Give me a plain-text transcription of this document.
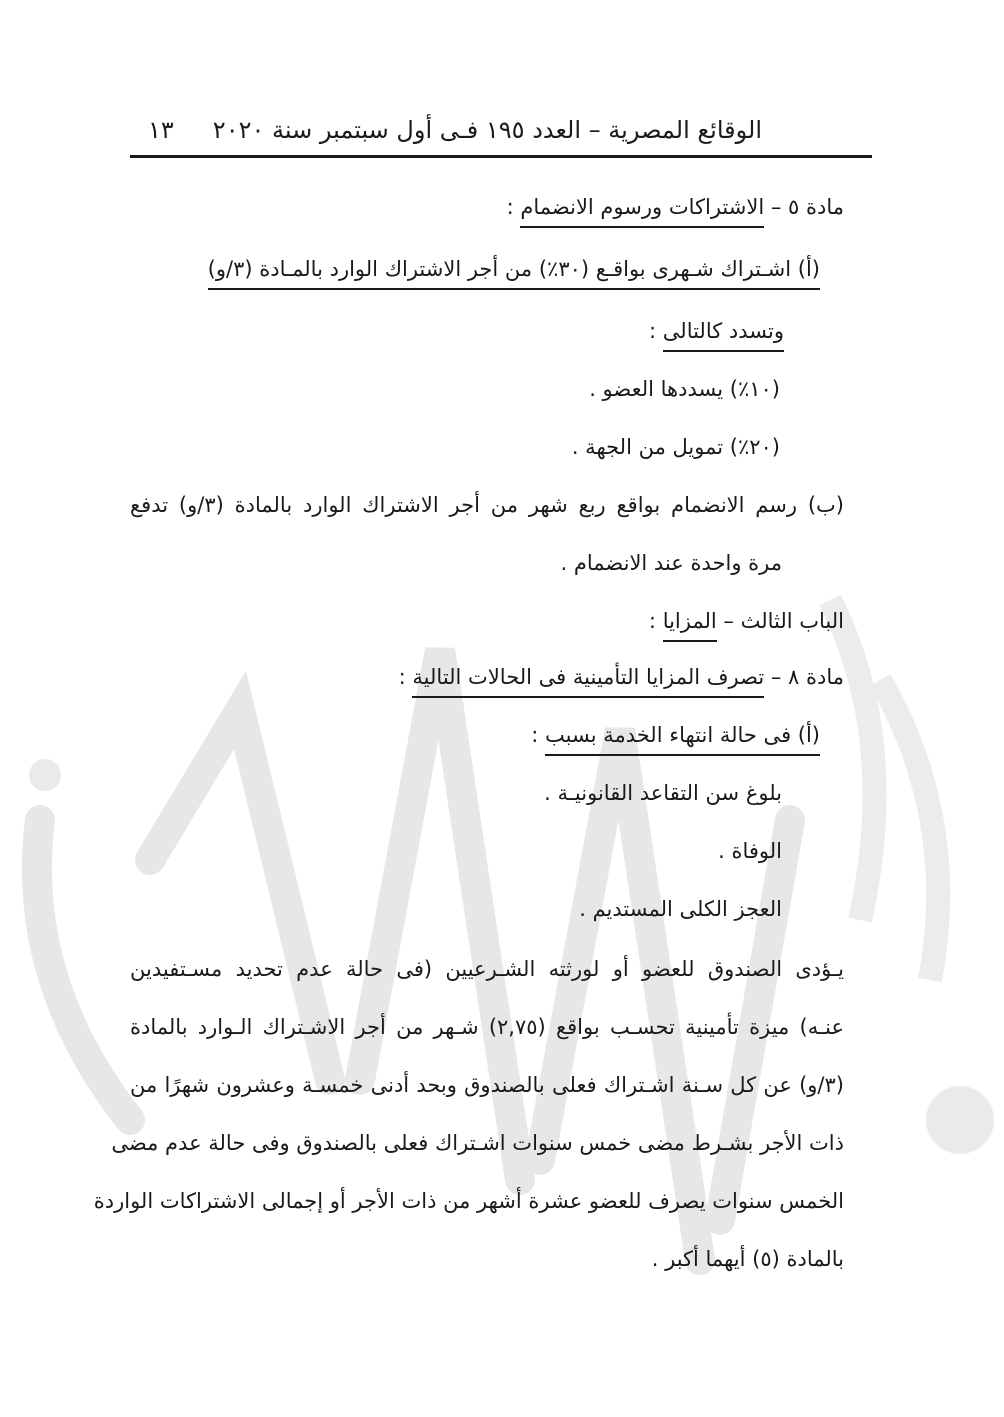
الوقائع المصرية – العدد ١٩٥ فـى أول سبتمبر سنة ٢٠٢٠
١٣
مادة ٥ – الاشتراكات ورسوم الانضمام :
(أ) اشـتراك شـهرى بواقـع (٣٠٪) من أجر الاشتراك الوارد بالمـادة (٣/و)
وتسدد كالتالى :
(١٠٪) يسددها العضو .
(٢٠٪) تمويل من الجهة .
(ب) رسم الانضمام بواقع ربع شهر من أجر الاشتراك الوارد بالمادة (٣/و) تدفع
مرة واحدة عند الانضمام .
الباب الثالث – المزايا :
مادة ٨ – تصرف المزايا التأمينية فى الحالات التالية :
(أ) فى حالة انتهاء الخدمة بسبب :
بلوغ سن التقاعد القانونيـة .
الوفاة .
العجز الكلى المستديم .
يـؤدى الصندوق للعضو أو لورثته الشـرعيين (فى حالة عدم تحديد مسـتفيدين
عنـه) ميزة تأمينية تحسـب بواقع (٢,٧٥) شـهر من أجر الاشـتراك الـوارد بالمادة
(٣/و) عن كل سـنة اشـتراك فعلى بالصندوق وبحد أدنى خمسـة وعشرون شهرًا من
ذات الأجر بشـرط مضى خمس سنوات اشـتراك فعلى بالصندوق وفى حالة عدم مضى
الخمس سنوات يصرف للعضو عشرة أشهر من ذات الأجر أو إجمالى الاشتراكات الواردة
بالمادة (٥) أيهما أكبر .
